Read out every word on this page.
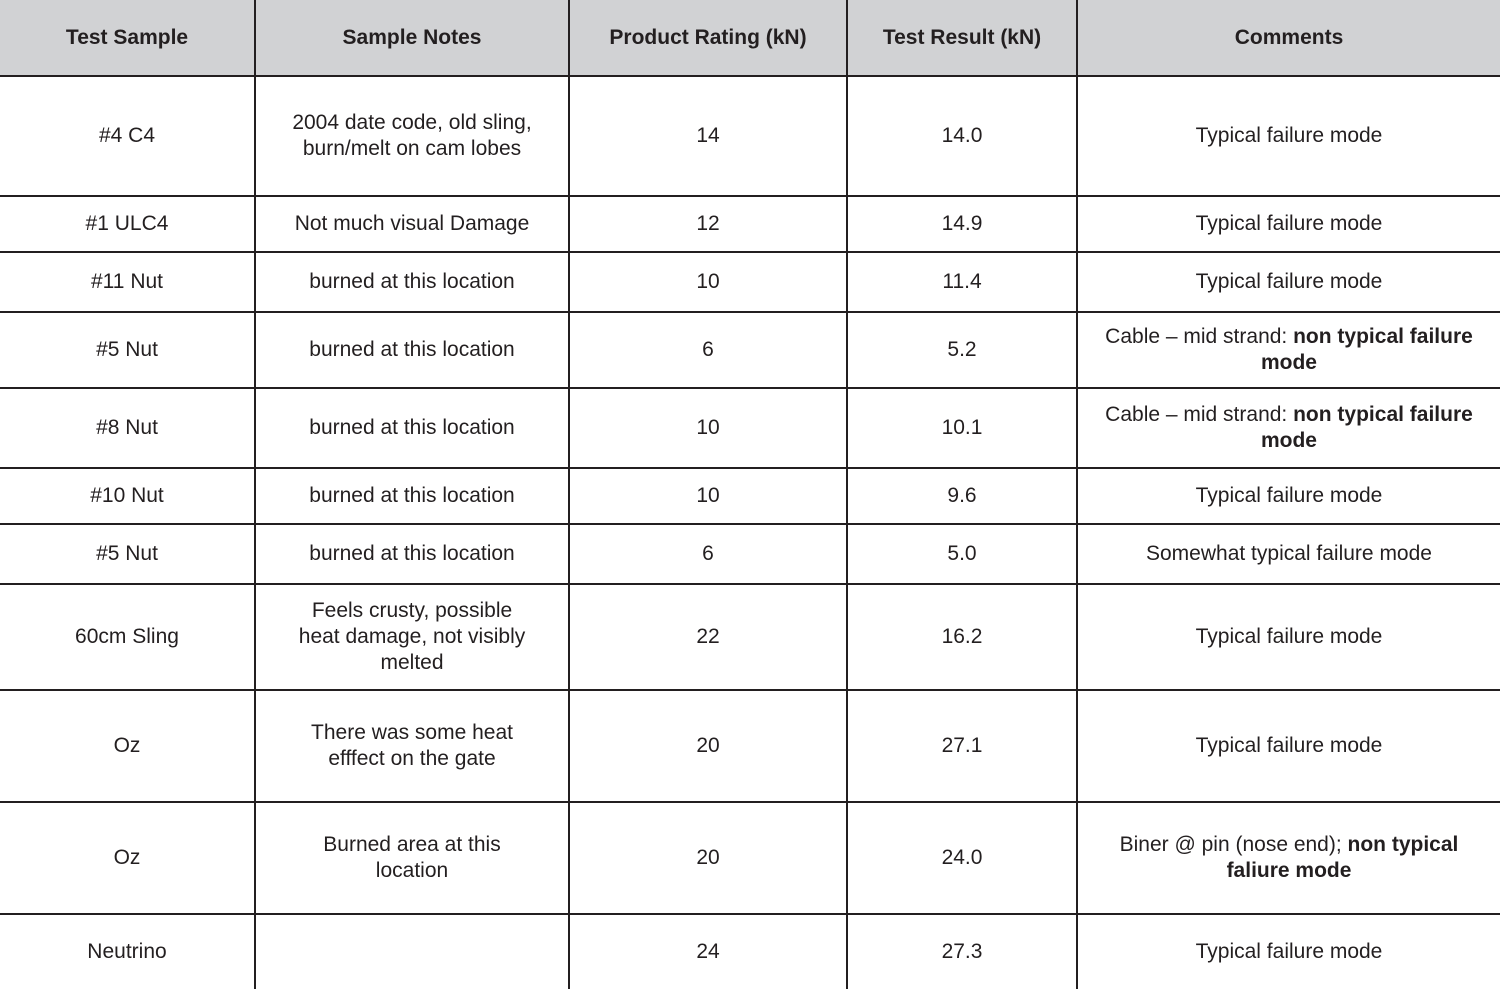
Test Sample	Sample Notes	Product Rating (kN)	Test Result (kN)	Comments
#4 C4	2004 date code, old sling, burn/melt on cam lobes	14	14.0	Typical failure mode
#1 ULC4	Not much visual Damage	12	14.9	Typical failure mode
#11 Nut	burned at this location	10	11.4	Typical failure mode
#5 Nut	burned at this location	6	5.2	Cable – mid strand: non typical failure mode
#8 Nut	burned at this location	10	10.1	Cable – mid strand: non typical failure mode
#10 Nut	burned at this location	10	9.6	Typical failure mode
#5 Nut	burned at this location	6	5.0	Somewhat typical failure mode
60cm Sling	Feels crusty, possible heat damage, not visibly melted	22	16.2	Typical failure mode
Oz	There was some heat efffect on the gate	20	27.1	Typical failure mode
Oz	Burned area at this location	20	24.0	Biner @ pin (nose end); non typical faliure mode
Neutrino		24	27.3	Typical failure mode
